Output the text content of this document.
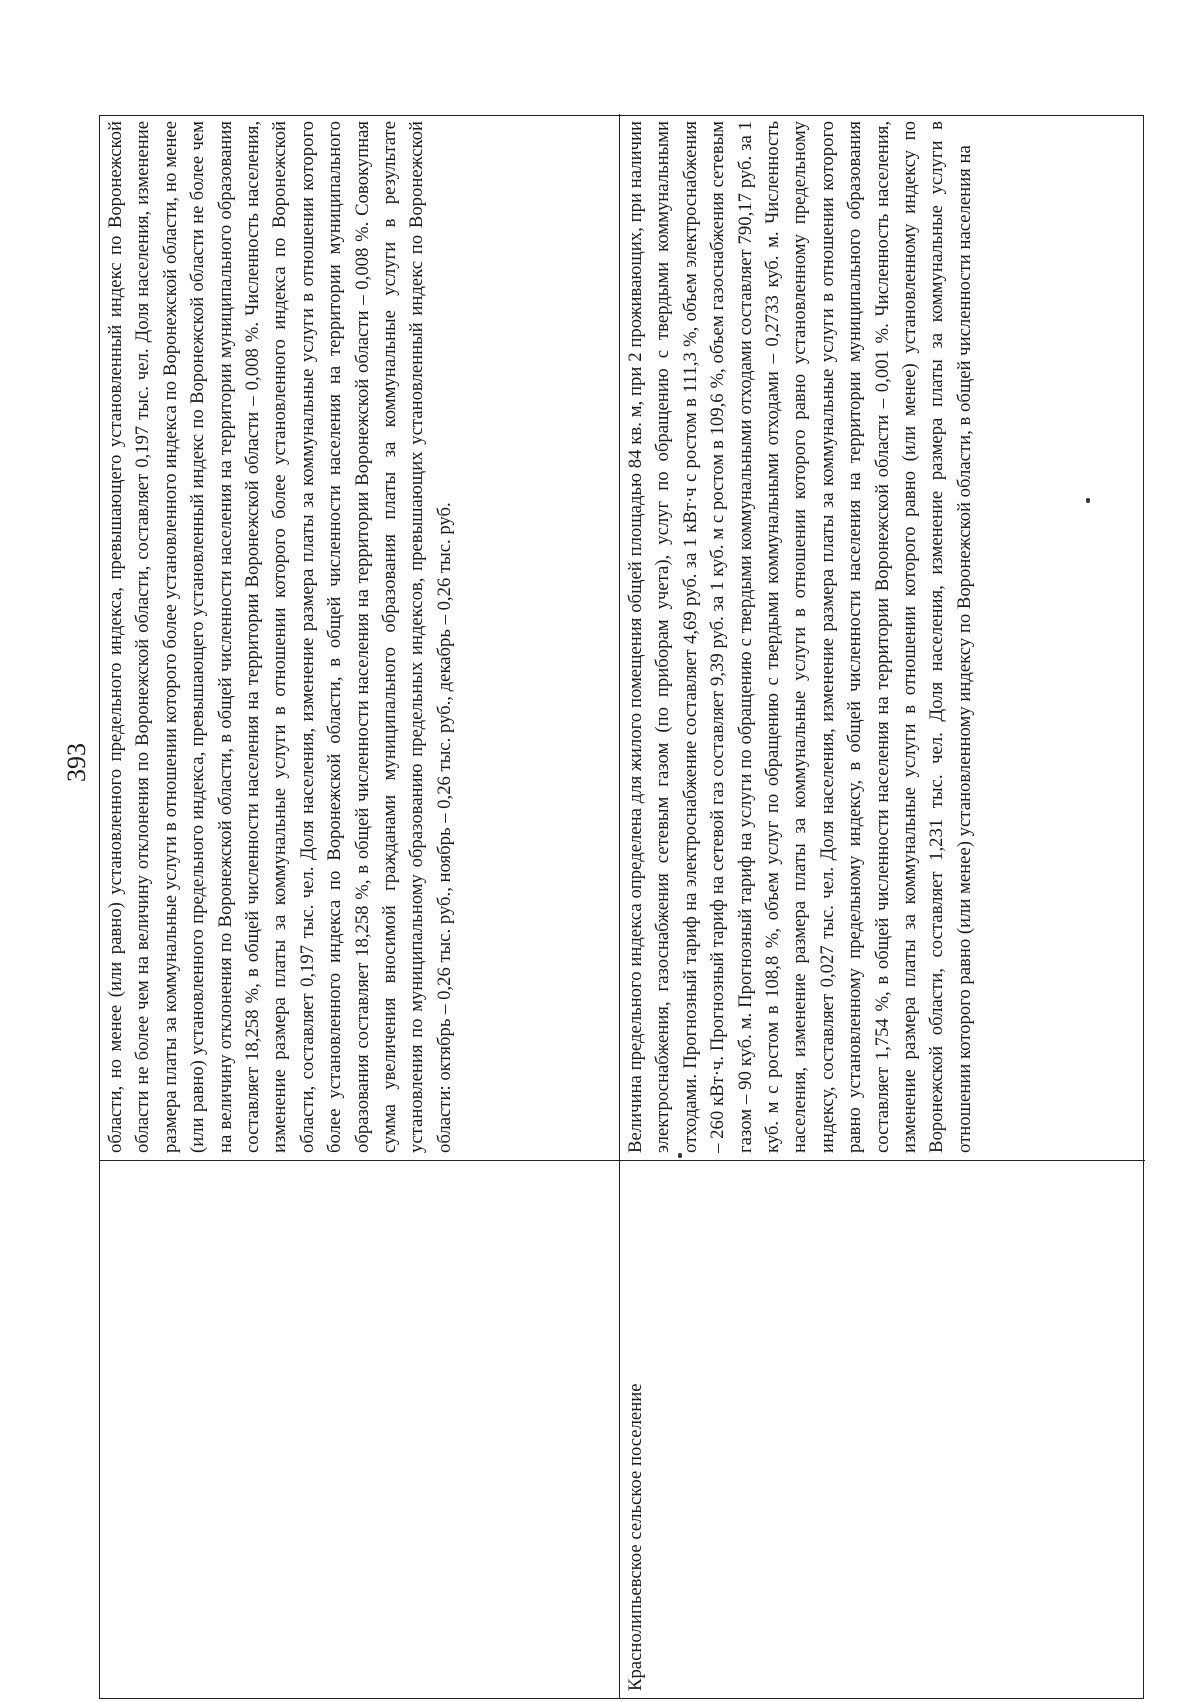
393 области, но менее (или равно) установленного предельного индекса, превышающего установленный индекс по Воронежской области не более чем на величину отклонения по Воронежской области, составляет 0,197 тыс. чел. Доля населения, изменение размера платы за коммунальные услуги в отношении которого более установленного индекса по Воронежской области, но менее (или равно) установленного предельного индекса, превышающего установленный индекс по Воронежской области не более чем на величину отклонения по Воронежской области, в общей численности населения на территории муниципального образования составляет 18,258 %, в общей численности населения на территории Воронежской области – 0,008 %. Численность населения, изменение размера платы за коммунальные услуги в отношении которого более установленного индекса по Воронежской области, составляет 0,197 тыс. чел. Доля населения, изменение размера платы за коммунальные услуги в отношении которого более установленного индекса по Воронежской области, в общей численности населения на территории муниципального образования составляет 18,258 %, в общей численности населения на территории Воронежской области – 0,008 %. Совокупная сумма увеличения вносимой гражданами муниципального образования платы за коммунальные услуги в результате установления по муниципальному образованию предельных индексов, превышающих установленный индекс по Воронежской области: октябрь – 0,26 тыс. руб., ноябрь – 0,26 тыс. руб., декабрь – 0,26 тыс. руб.
Краснолипьевское сельское поселение
Величина предельного индекса определена для жилого помещения общей площадью 84 кв. м, при 2 проживающих, при наличии электроснабжения, газоснабжения сетевым газом (по приборам учета), услуг по обращению с твердыми коммунальными отходами. Прогнозный тариф на электроснабжение составляет 4,69 руб. за 1 кВт·ч с ростом в 111,3 %, объем электроснабжения – 260 кВт·ч. Прогнозный тариф на сетевой газ составляет 9,39 руб. за 1 куб. м с ростом в 109,6 %, объем газоснабжения сетевым газом – 90 куб. м. Прогнозный тариф на услуги по обращению с твердыми коммунальными отходами составляет 790,17 руб. за 1 куб. м с ростом в 108,8 %, объем услуг по обращению с твердыми коммунальными отходами – 0,2733 куб. м. Численность населения, изменение размера платы за коммунальные услуги в отношении которого равно установленному предельному индексу, составляет 0,027 тыс. чел. Доля населения, изменение размера платы за коммунальные услуги в отношении которого равно установленному предельному индексу, в общей численности населения на территории муниципального образования составляет 1,754 %, в общей численности населения на территории Воронежской области – 0,001 %. Численность населения, изменение размера платы за коммунальные услуги в отношении которого равно (или менее) установленному индексу по Воронежской области, составляет 1,231 тыс. чел. Доля населения, изменение размера платы за коммунальные услуги в отношении которого равно (или менее) установленному индексу по Воронежской области, в общей численности населения на
